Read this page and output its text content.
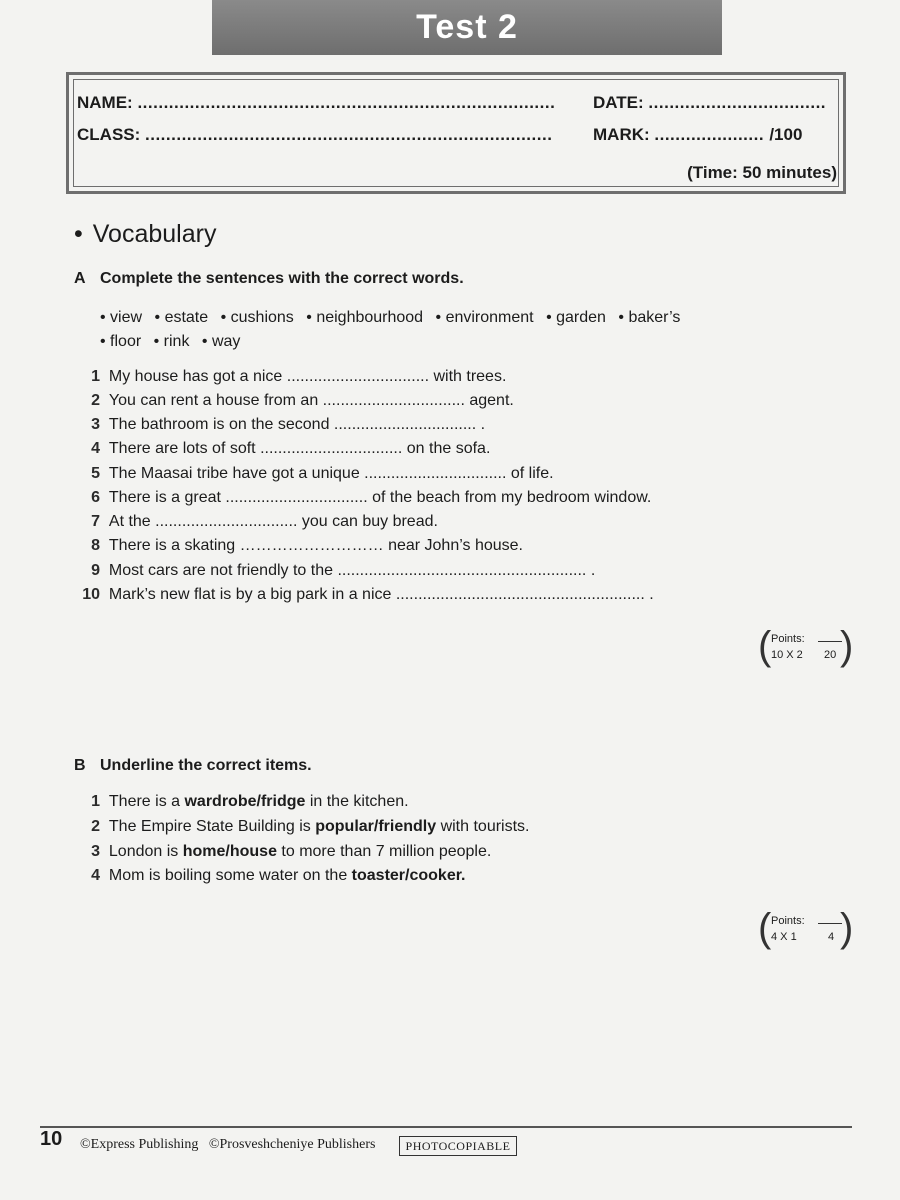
Test 2
NAME: ................................................................................
CLASS: ..............................................................................
DATE: ..................................
MARK: ..................... /100
(Time: 50 minutes)
• Vocabulary
A Complete the sentences with the correct words.
• view • estate • cushions • neighbourhood • environment • garden • baker’s
• floor • rink • way
1 My house has got a nice ................................ with trees.
2 You can rent a house from an ................................ agent.
3 The bathroom is on the second ................................ .
4 There are lots of soft ................................ on the sofa.
5 The Maasai tribe have got a unique ................................ of life.
6 There is a great ................................ of the beach from my bedroom window.
7 At the ................................ you can buy bread.
8 There is a skating ……………………… near John’s house.
9 Most cars are not friendly to the ........................................................ .
10 Mark’s new flat is by a big park in a nice ........................................................ .
( Points:
10 X 2 20 )
B Underline the correct items.
1 There is a wardrobe/fridge in the kitchen.
2 The Empire State Building is popular/friendly with tourists.
3 London is home/house to more than 7 million people.
4 Mom is boiling some water on the toaster/cooker.
( Points:
4 X 1	4 )
10 ©Express Publishing   ©Prosveshcheniye Publishers	PHOTOCOPIABLE
